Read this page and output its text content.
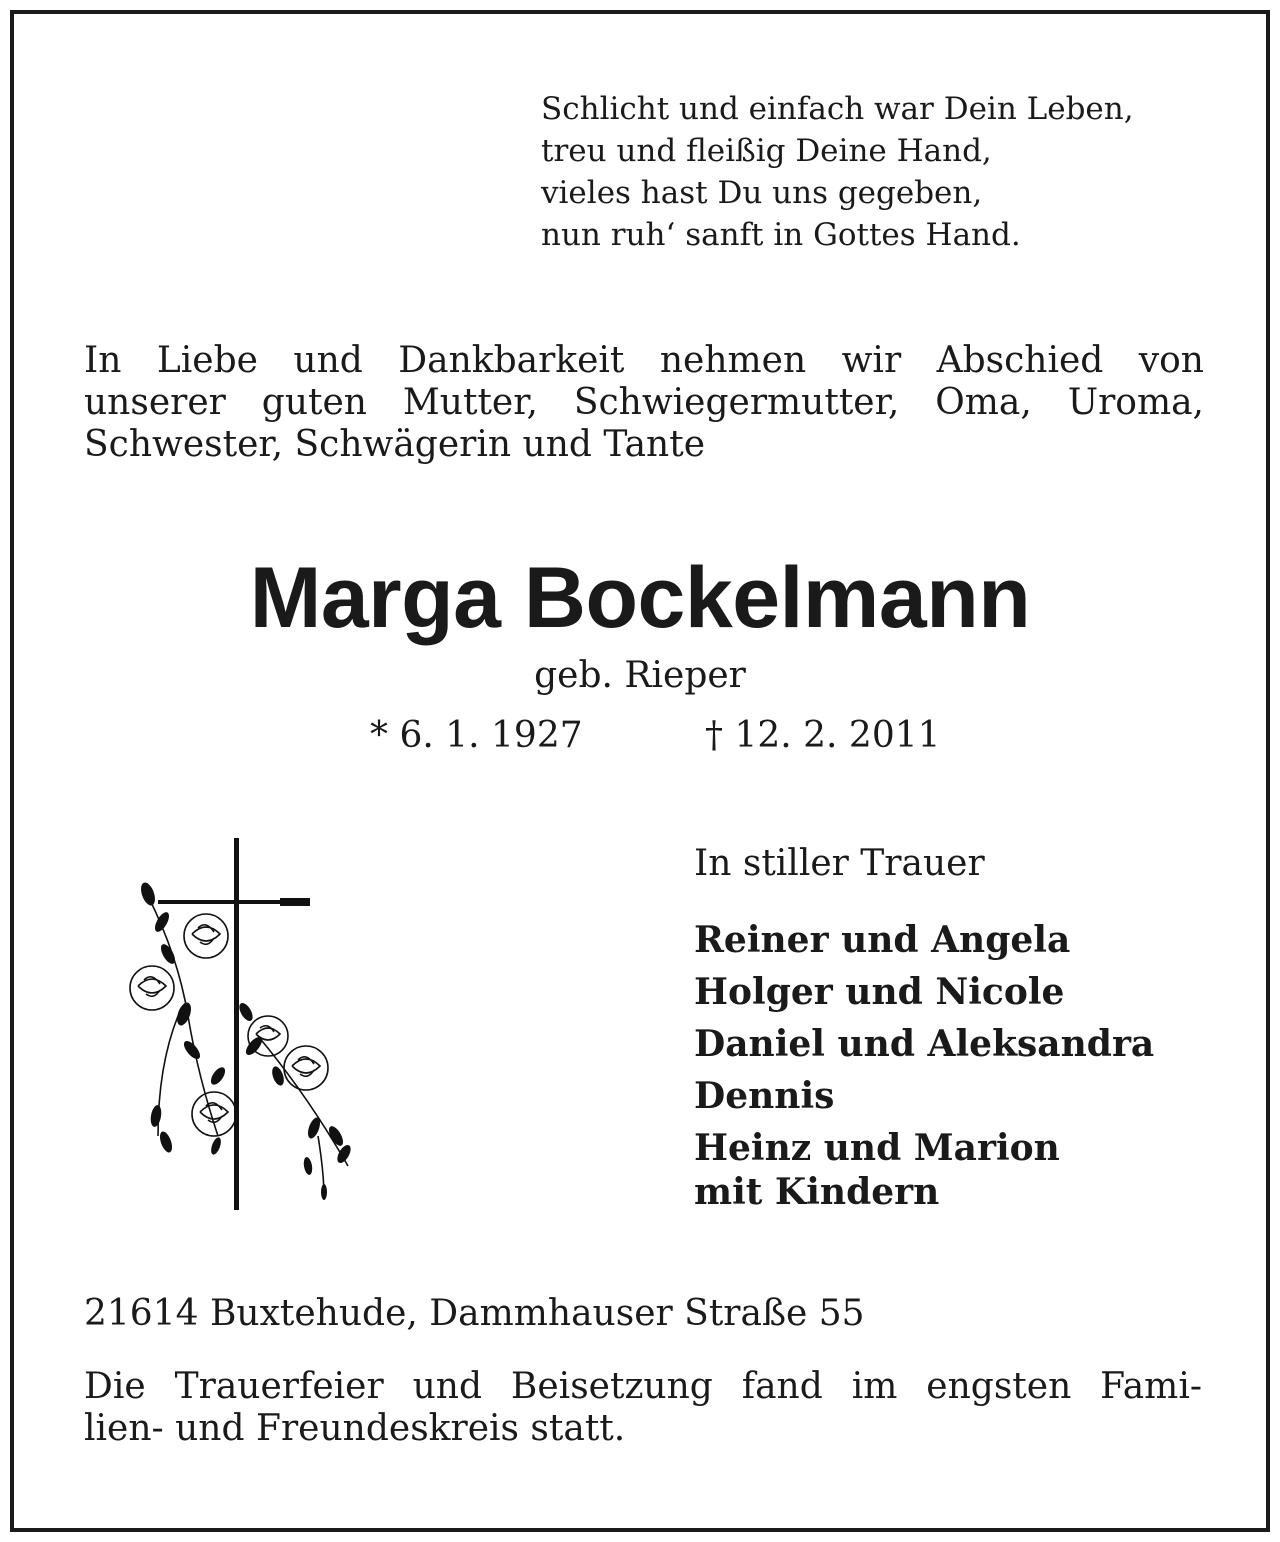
Schlicht und einfach war Dein Leben,
treu und fleißig Deine Hand,
vieles hast Du uns gegeben,
nun ruh‘ sanft in Gottes Hand.
In Liebe und Dankbarkeit nehmen wir Abschied von
unserer guten Mutter, Schwiegermutter, Oma, Uroma,
Schwester, Schwägerin und Tante
Marga Bockelmann
geb. Rieper
* 6. 1. 1927	† 12. 2. 2011
In stiller Trauer
Reiner und Angela
Holger und Nicole
Daniel und Aleksandra
Dennis
Heinz und Marion
mit Kindern
21614 Buxtehude, Dammhauser Straße 55
Die Trauerfeier und Beisetzung fand im engsten Fami-
lien- und Freundeskreis statt.
